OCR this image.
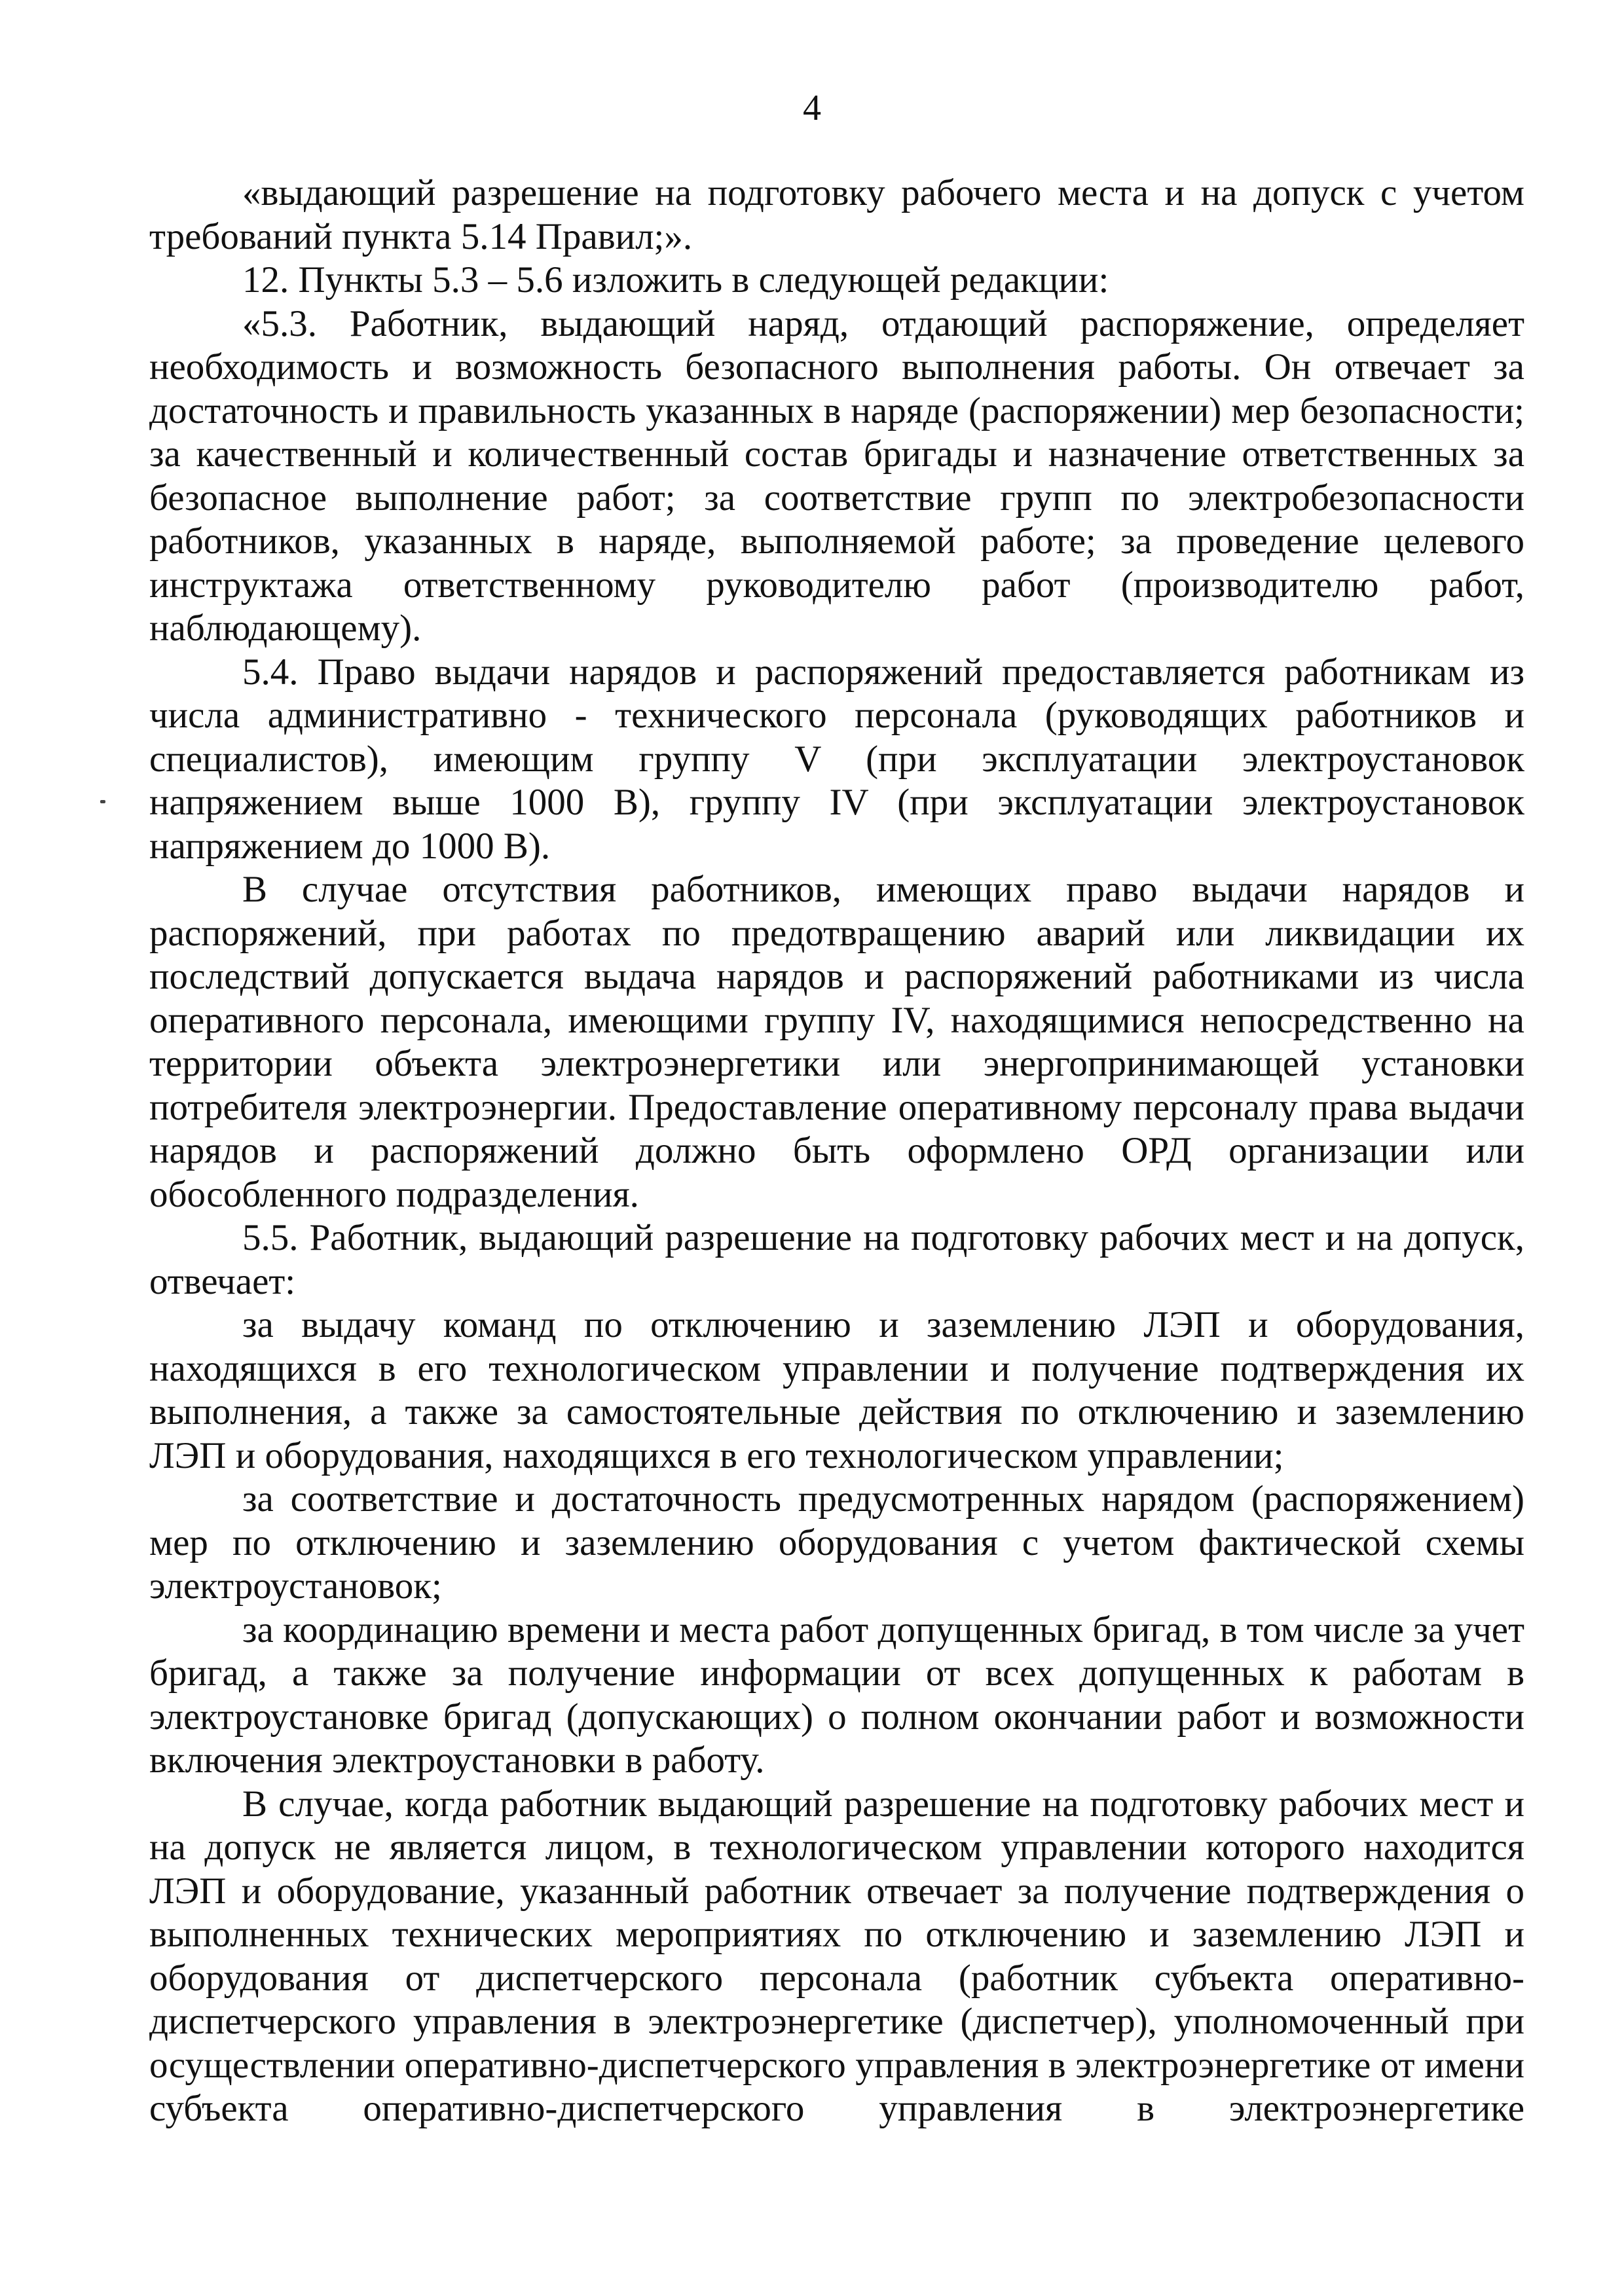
4

«выдающий разрешение на подготовку рабочего места и на допуск с учетом требований пункта 5.14 Правил;».

12. Пункты 5.3 – 5.6 изложить в следующей редакции:

«5.3. Работник, выдающий наряд, отдающий распоряжение, определяет необходимость и возможность безопасного выполнения работы. Он отвечает за достаточность и правильность указанных в наряде (распоряжении) мер безопасности; за качественный и количественный состав бригады и назначение ответственных за безопасное выполнение работ; за соответствие групп по электробезопасности работников, указанных в наряде, выполняемой работе; за проведение целевого инструктажа ответственному руководителю работ (производителю работ, наблюдающему).

5.4. Право выдачи нарядов и распоряжений предоставляется работникам из числа административно - технического персонала (руководящих работников и специалистов), имеющим группу V (при эксплуатации электроустановок напряжением выше 1000 В), группу IV (при эксплуатации электроустановок напряжением до 1000 В).

В случае отсутствия работников, имеющих право выдачи нарядов и распоряжений, при работах по предотвращению аварий или ликвидации их последствий допускается выдача нарядов и распоряжений работниками из числа оперативного персонала, имеющими группу IV, находящимися непосредственно на территории объекта электроэнергетики или энергопринимающей установки потребителя электроэнергии. Предоставление оперативному персоналу права выдачи нарядов и распоряжений должно быть оформлено ОРД организации или обособленного подразделения.

5.5. Работник, выдающий разрешение на подготовку рабочих мест и на допуск, отвечает:

за выдачу команд по отключению и заземлению ЛЭП и оборудования, находящихся в его технологическом управлении и получение подтверждения их выполнения, а также за самостоятельные действия по отключению и заземлению ЛЭП и оборудования, находящихся в его технологическом управлении;

за соответствие и достаточность предусмотренных нарядом (распоряжением) мер по отключению и заземлению оборудования с учетом фактической схемы электроустановок;

за координацию времени и места работ допущенных бригад, в том числе за учет бригад, а также за получение информации от всех допущенных к работам в электроустановке бригад (допускающих) о полном окончании работ и возможности включения электроустановки в работу.

В случае, когда работник выдающий разрешение на подготовку рабочих мест и на допуск не является лицом, в технологическом управлении которого находится ЛЭП и оборудование, указанный работник отвечает за получение подтверждения о выполненных технических мероприятиях по отключению и заземлению ЛЭП и оборудования от диспетчерского персонала (работник субъекта оперативно-диспетчерского управления в электроэнергетике (диспетчер), уполномоченный при осуществлении оперативно-диспетчерского управления в электроэнергетике от имени субъекта оперативно-диспетчерского управления в электроэнергетике
